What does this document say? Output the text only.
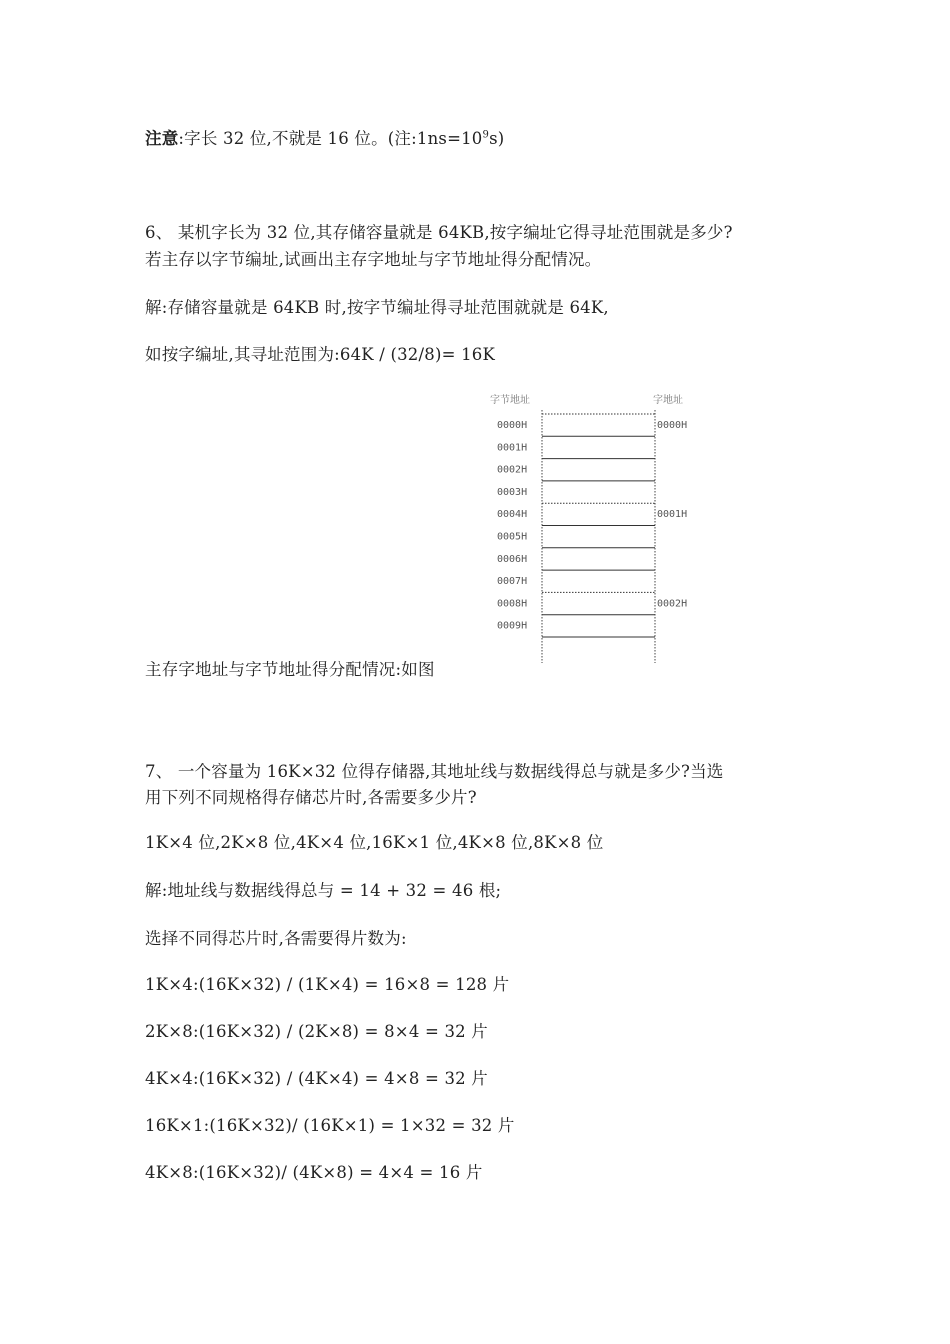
注意:字长 32 位,不就是 16 位。(注$:1ns=10^9s$)
6、 某机字长为 32 位,其存储容量就是 64KB,按字编址它得寻址范围就是多少?
若主存以字节编址,试画出主存字地址与字节地址得分配情况。
解:存储容量就是 64KB 时,按字节编址得寻址范围就就是 64K,
如按字编址,其寻址范围为:64K / (32/8)= 16K
字节地址	字地址
0000H
0001H
0002H
0003H
0004H
0005H
0006H
0007H
0008H
0009H
0000H
0001H
0002H
主存字地址与字节地址得分配情况:如图
7、 一个容量为 16K×32 位得存储器,其地址线与数据线得总与就是多少?当选
用下列不同规格得存储芯片时,各需要多少片?
1K×4 位,2K×8 位,4K×4 位,16K×1 位,4K×8 位,8K×8 位
解:地址线与数据线得总与 = 14 + 32 = 46 根;
选择不同得芯片时,各需要得片数为:
1K×4:(16K×32) / (1K×4) = 16×8 = 128 片
2K×8:(16K×32) / (2K×8) = 8×4 = 32 片
4K×4:(16K×32) / (4K×4) = 4×8 = 32 片
16K×1:(16K×32)/ (16K×1) = 1×32 = 32 片
4K×8:(16K×32)/ (4K×8) = 4×4 = 16 片
